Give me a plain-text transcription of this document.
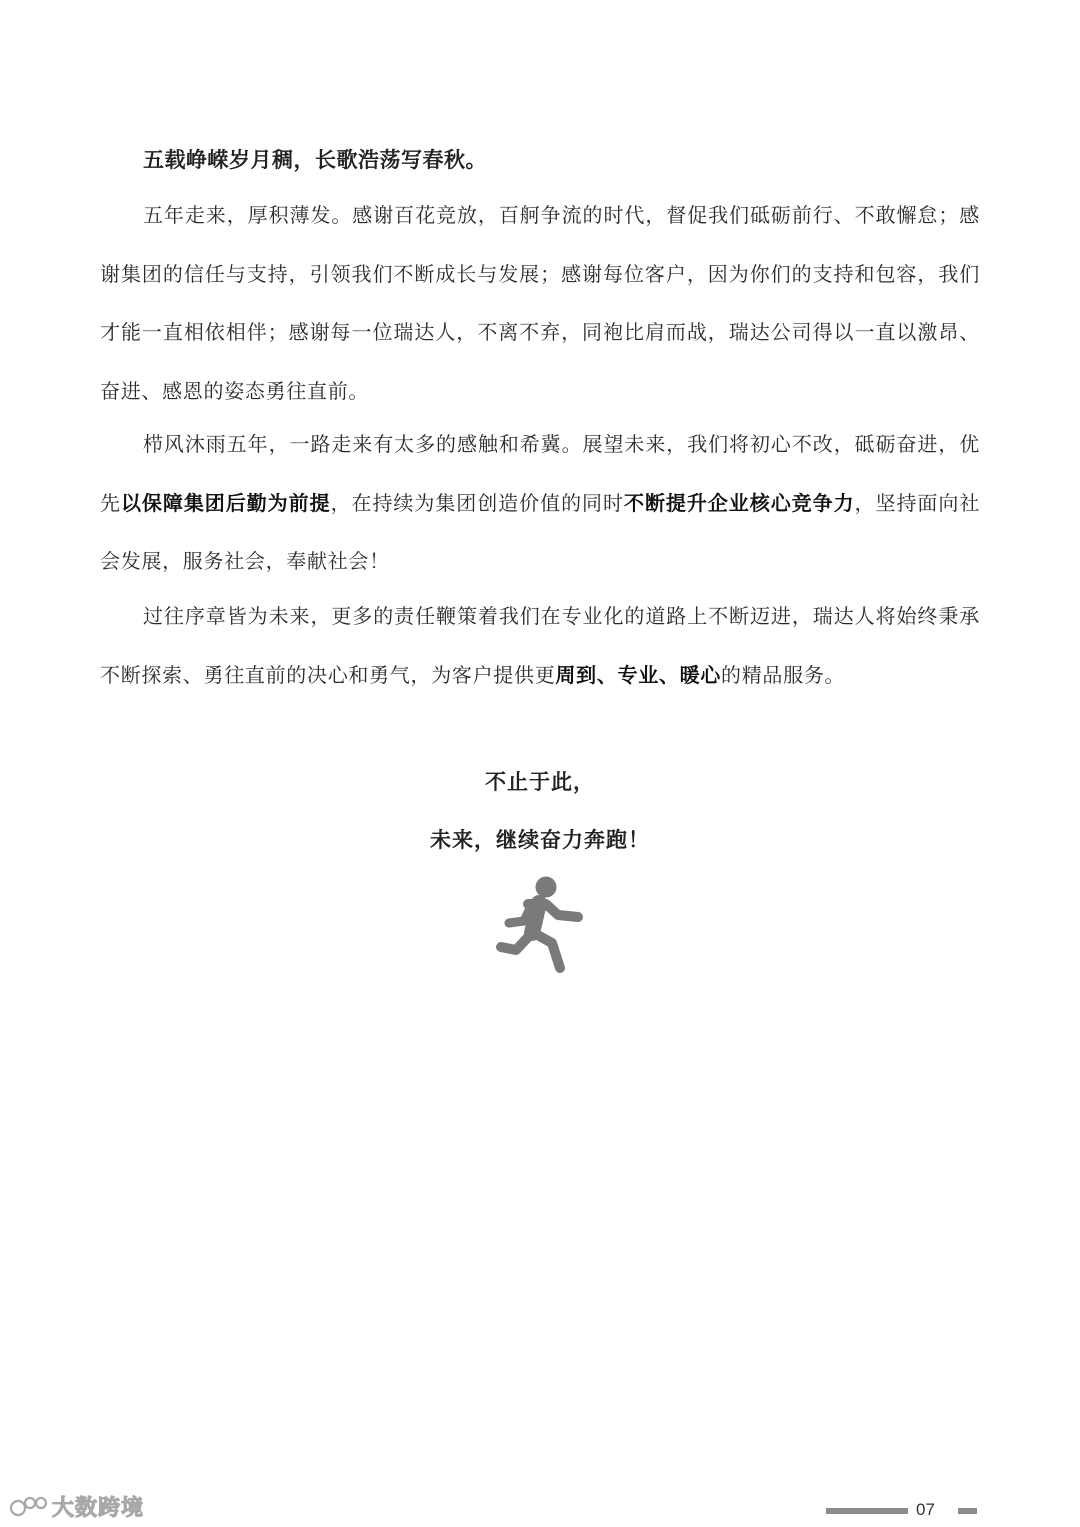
五载峥嵘岁月稠，长歌浩荡写春秋。

五年走来，厚积薄发。感谢百花竞放，百舸争流的时代，督促我们砥砺前行、不敢懈怠；感谢集团的信任与支持，引领我们不断成长与发展；感谢每位客户，因为你们的支持和包容，我们才能一直相依相伴；感谢每一位瑞达人，不离不弃，同袍比肩而战，瑞达公司得以一直以激昂、奋进、感恩的姿态勇往直前。

栉风沐雨五年，一路走来有太多的感触和希冀。展望未来，我们将初心不改，砥砺奋进，优先以保障集团后勤为前提，在持续为集团创造价值的同时不断提升企业核心竞争力，坚持面向社会发展，服务社会，奉献社会！

过往序章皆为未来，更多的责任鞭策着我们在专业化的道路上不断迈进，瑞达人将始终秉承不断探索、勇往直前的决心和勇气，为客户提供更周到、专业、暖心的精品服务。

不止于此，

未来，继续奋力奔跑！

07
大数跨境
